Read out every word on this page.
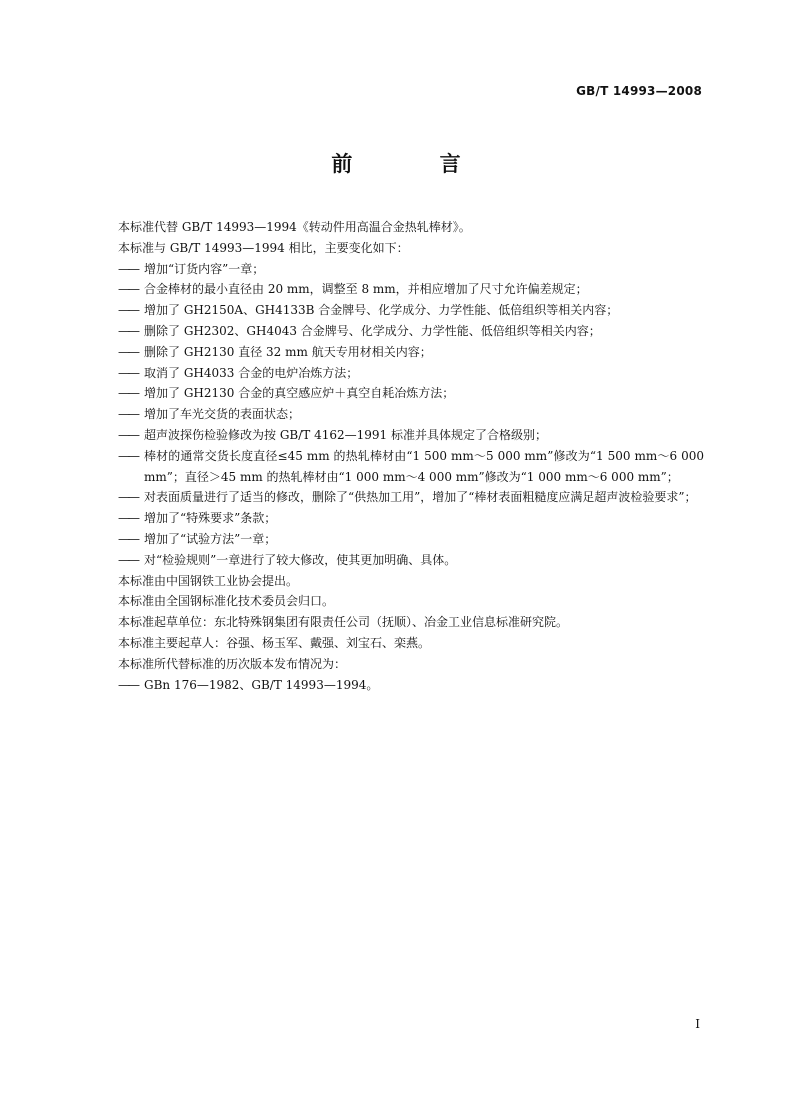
GB/T 14993—2008
前 言
本标准代替 GB/T 14993—1994《转动件用高温合金热轧棒材》。
本标准与 GB/T 14993—1994 相比，主要变化如下：
—— 增加“订货内容”一章；
—— 合金棒材的最小直径由 20 mm，调整至 8 mm，并相应增加了尺寸允许偏差规定；
—— 增加了 GH2150A、GH4133B 合金牌号、化学成分、力学性能、低倍组织等相关内容；
—— 删除了 GH2302、GH4043 合金牌号、化学成分、力学性能、低倍组织等相关内容；
—— 删除了 GH2130 直径 32 mm 航天专用材相关内容；
—— 取消了 GH4033 合金的电炉冶炼方法；
—— 增加了 GH2130 合金的真空感应炉＋真空自耗冶炼方法；
—— 增加了车光交货的表面状态；
—— 超声波探伤检验修改为按 GB/T 4162—1991 标准并具体规定了合格级别；
—— 棒材的通常交货长度直径≤45 mm 的热轧棒材由“1 500 mm～5 000 mm”修改为“1 500 mm～6 000 mm”；直径＞45 mm 的热轧棒材由“1 000 mm～4 000 mm”修改为“1 000 mm～6 000 mm”；
—— 对表面质量进行了适当的修改，删除了“供热加工用”，增加了“棒材表面粗糙度应满足超声波检验要求”；
—— 增加了“特殊要求”条款；
—— 增加了“试验方法”一章；
—— 对“检验规则”一章进行了较大修改，使其更加明确、具体。
本标准由中国钢铁工业协会提出。
本标准由全国钢标准化技术委员会归口。
本标准起草单位：东北特殊钢集团有限责任公司（抚顺）、冶金工业信息标准研究院。
本标准主要起草人：谷强、杨玉军、戴强、刘宝石、栾燕。
本标准所代替标准的历次版本发布情况为：
—— GBn 176—1982、GB/T 14993—1994。
I
